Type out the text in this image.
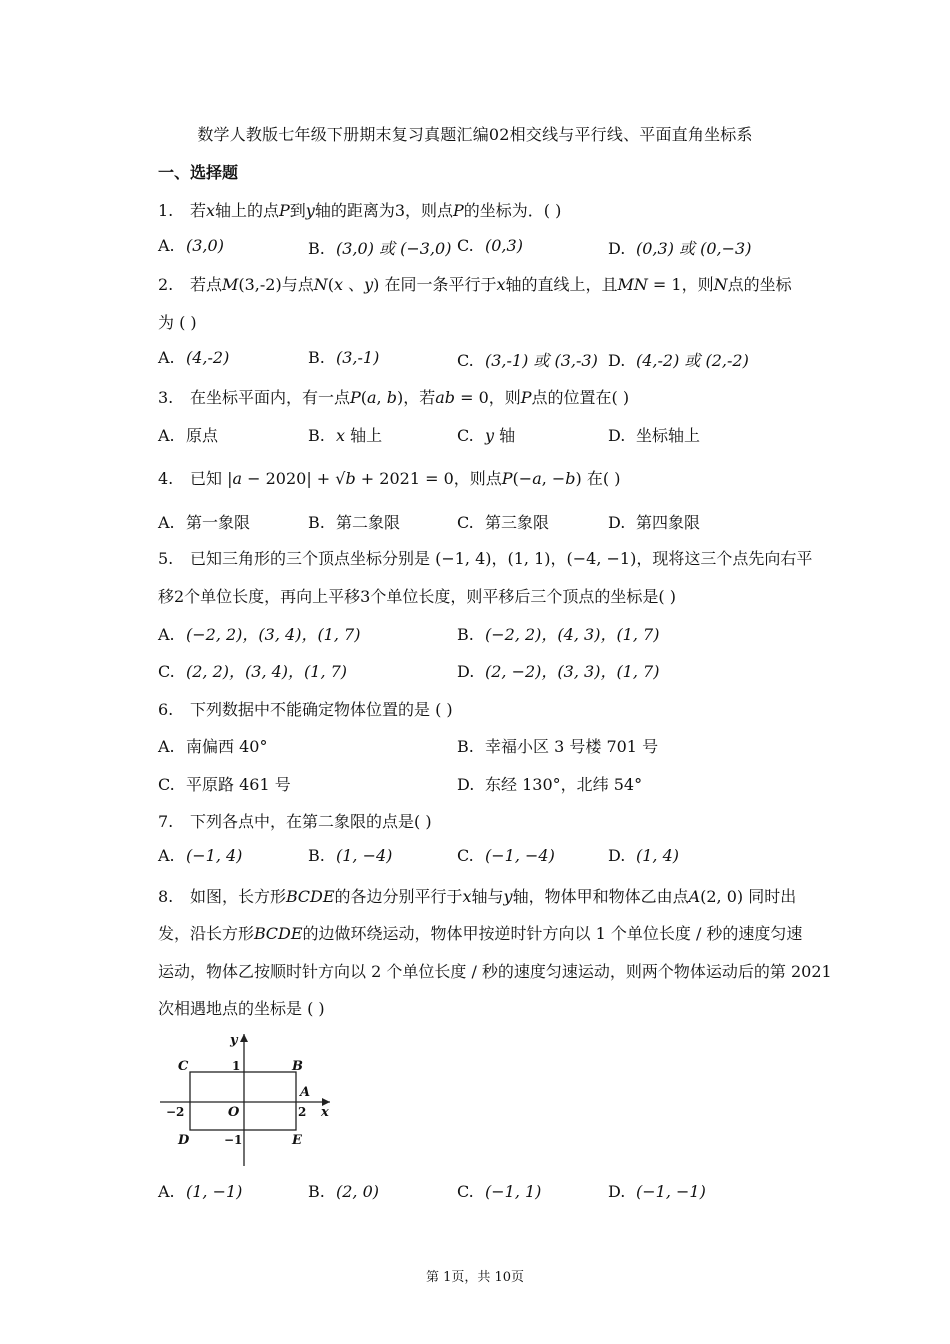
数学人教版七年级下册期末复习真题汇编02相交线与平行线、平面直角坐标系
一、选择题
1. 若𝑥轴上的点𝑃到𝑦轴的距离为3，则点𝑃的坐标为．( )
A. (3,0)	B. (3,0) 或 (−3,0) C. (0,3)	D. (0,3) 或 (0,−3)
2. 若点𝑀(3,-2)与点𝑁(𝑥 、𝑦) 在同一条平行于𝑥轴的直线上，且𝑀𝑁 = 1，则𝑁点的坐标
为 ( )
A. (4,-2)	B. (3,-1)	C. (3,-1) 或 (3,-3) D. (4,-2) 或 (2,-2)
3. 在坐标平面内，有一点𝑃(𝑎, 𝑏)，若𝑎𝑏 = 0，则𝑃点的位置在( )
A. 原点	B. 𝑥 轴上	C. 𝑦 轴	D. 坐标轴上
4. 已知 |𝑎 − 2020| + √𝑏 + 2021 = 0，则点𝑃(−𝑎, −𝑏) 在( )
A. 第一象限	B. 第二象限	C. 第三象限	D. 第四象限
5. 已知三角形的三个顶点坐标分别是 (−1, 4)，(1, 1)，(−4, −1)，现将这三个点先向右平
移2个单位长度，再向上平移3个单位长度，则平移后三个顶点的坐标是( )
A. (−2, 2)，(3, 4)，(1, 7)	B. (−2, 2)，(4, 3)，(1, 7)
C. (2, 2)，(3, 4)，(1, 7)	D. (2, −2)，(3, 3)，(1, 7)
6. 下列数据中不能确定物体位置的是 ( )
A. 南偏西 40°	B. 幸福小区 3 号楼 701 号
C. 平原路 461 号	D. 东经 130°，北纬 54°
7. 下列各点中，在第二象限的点是( )
A. (−1, 4)	B. (1, −4)	C. (−1, −4)	D. (1, 4)
8. 如图，长方形𝐵𝐶𝐷𝐸的各边分别平行于𝑥轴与𝑦轴，物体甲和物体乙由点𝐴(2, 0) 同时出
发，沿长方形𝐵𝐶𝐷𝐸的边做环绕运动，物体甲按逆时针方向以 1 个单位长度 / 秒的速度匀速
运动，物体乙按顺时针方向以 2 个单位长度 / 秒的速度匀速运动，则两个物体运动后的第 2021
次相遇地点的坐标是 ( )
y
x
C	B
A
D	E
O
1
−1
2
−2
A. (1, −1)	B. (2, 0)	C. (−1, 1)	D. (−1, −1)
第 1页，共 10页
